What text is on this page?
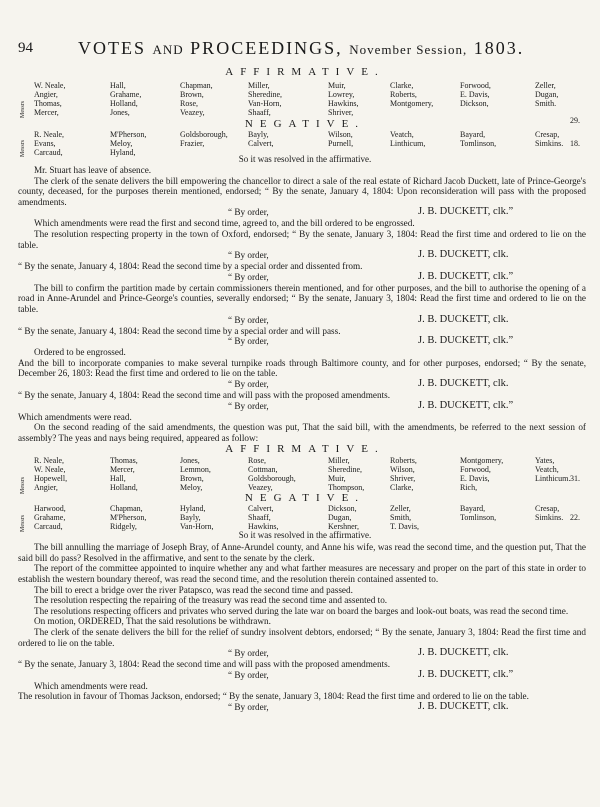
94	VOTES AND PROCEEDINGS, November Session, 1803.
AFFIRMATIVE.
Messrs
W. Neale,	Hall,	Chapman,	Miller,	Muir,	Clarke,	Forwood,	Zeller,
Angier,	Grahame,	Brown,	Sheredine,	Lowrey,	Roberts,	E. Davis,	Dugan,
Thomas,	Holland,	Rose,	Van-Horn,	Hawkins,	Montgomery,	Dickson,	Smith.
Mercer,	Jones,	Veazey,	Shaaff,	Shriver,
29.
NEGATIVE.
Messrs
R. Neale,	M'Pherson,	Goldsborough,	Bayly,	Wilson,	Veatch,	Bayard,	Cresap,
Evans,	Meloy,	Frazier,	Calvert,	Purnell,	Linthicum,	Tomlinson,	Simkins.
Carcaud,	Hyland,
18.
So it was resolved in the affirmative.

Mr. Stuart has leave of absence.

The clerk of the senate delivers the bill empowering the chancellor to direct a sale of the real estate of Richard Jacob Duckett, late of Prince-George's county, deceased, for the purposes therein mentioned, endorsed; “ By the senate, January 4, 1804: Upon reconsideration will pass with the proposed amendments.

“ By order,	J. B. DUCKETT, clk.”

Which amendments were read the first and second time, agreed to, and the bill ordered to be engrossed.

The resolution respecting property in the town of Oxford, endorsed; “ By the senate, January 3, 1804: Read the first time and ordered to lie on the table.

“ By order,	J. B. DUCKETT, clk.

“ By the senate, January 4, 1804: Read the second time by a special order and dissented from.

“ By order,	J. B. DUCKETT, clk.”

The bill to confirm the partition made by certain commissioners therein mentioned, and for other purposes, and the bill to authorise the opening of a road in Anne-Arundel and Prince-George's counties, severally endorsed; “ By the senate, January 3, 1804: Read the first time and ordered to lie on the table.

“ By order,	J. B. DUCKETT, clk.

“ By the senate, January 4, 1804: Read the second time by a special order and will pass.

“ By order,	J. B. DUCKETT, clk.”

Ordered to be engrossed.

And the bill to incorporate companies to make several turnpike roads through Baltimore county, and for other purposes, endorsed; “ By the senate, December 26, 1803: Read the first time and ordered to lie on the table.

“ By order,	J. B. DUCKETT, clk.

“ By the senate, January 4, 1804: Read the second time and will pass with the proposed amendments.

“ By order,	J. B. DUCKETT, clk.”

Which amendments were read.

On the second reading of the said amendments, the question was put, That the said bill, with the amendments, be referred to the next session of assembly? The yeas and nays being required, appeared as follow:

AFFIRMATIVE.
Messrs
R. Neale,	Thomas,	Jones,	Rose,	Miller,	Roberts,	Montgomery,	Yates,
W. Neale,	Mercer,	Lemmon,	Cottman,	Sheredine,	Wilson,	Forwood,	Veatch,
Hopewell,	Hall,	Brown,	Goldsborough,	Muir,	Shriver,	E. Davis,	Linthicum.
Angier,	Holland,	Meloy,	Veazey,	Thompson,	Clarke,	Rich,
31.
NEGATIVE.
Messrs
Harwood,	Chapman,	Hyland,	Calvert,	Dickson,	Zeller,	Bayard,	Cresap,
Grahame,	M'Pherson,	Bayly,	Shaaff,	Dugan,	Smith,	Tomlinson,	Simkins.
Carcaud,	Ridgely,	Van-Horn,	Hawkins,	Kershner,	T. Davis,
22.
So it was resolved in the affirmative.

The bill annulling the marriage of Joseph Bray, of Anne-Arundel county, and Anne his wife, was read the second time, and the question put, That the said bill do pass? Resolved in the affirmative, and sent to the senate by the clerk.

The report of the committee appointed to inquire whether any and what farther measures are necessary and proper on the part of this state in order to establish the western boundary thereof, was read the second time, and the resolution therein contained assented to.

The bill to erect a bridge over the river Patapsco, was read the second time and passed.

The resolution respecting the repairing of the treasury was read the second time and assented to.

The resolutions respecting officers and privates who served during the late war on board the barges and look-out boats, was read the second time.

On motion, ORDERED, That the said resolutions be withdrawn.

The clerk of the senate delivers the bill for the relief of sundry insolvent debtors, endorsed; “ By the senate, January 3, 1804: Read the first time and ordered to lie on the table.

“ By order,	J. B. DUCKETT, clk.

“ By the senate, January 3, 1804: Read the second time and will pass with the proposed amendments.

“ By order,	J. B. DUCKETT, clk.”

Which amendments were read.

The resolution in favour of Thomas Jackson, endorsed; “ By the senate, January 3, 1804: Read the first time and ordered to lie on the table.

“ By order,	J. B. DUCKETT, clk.
